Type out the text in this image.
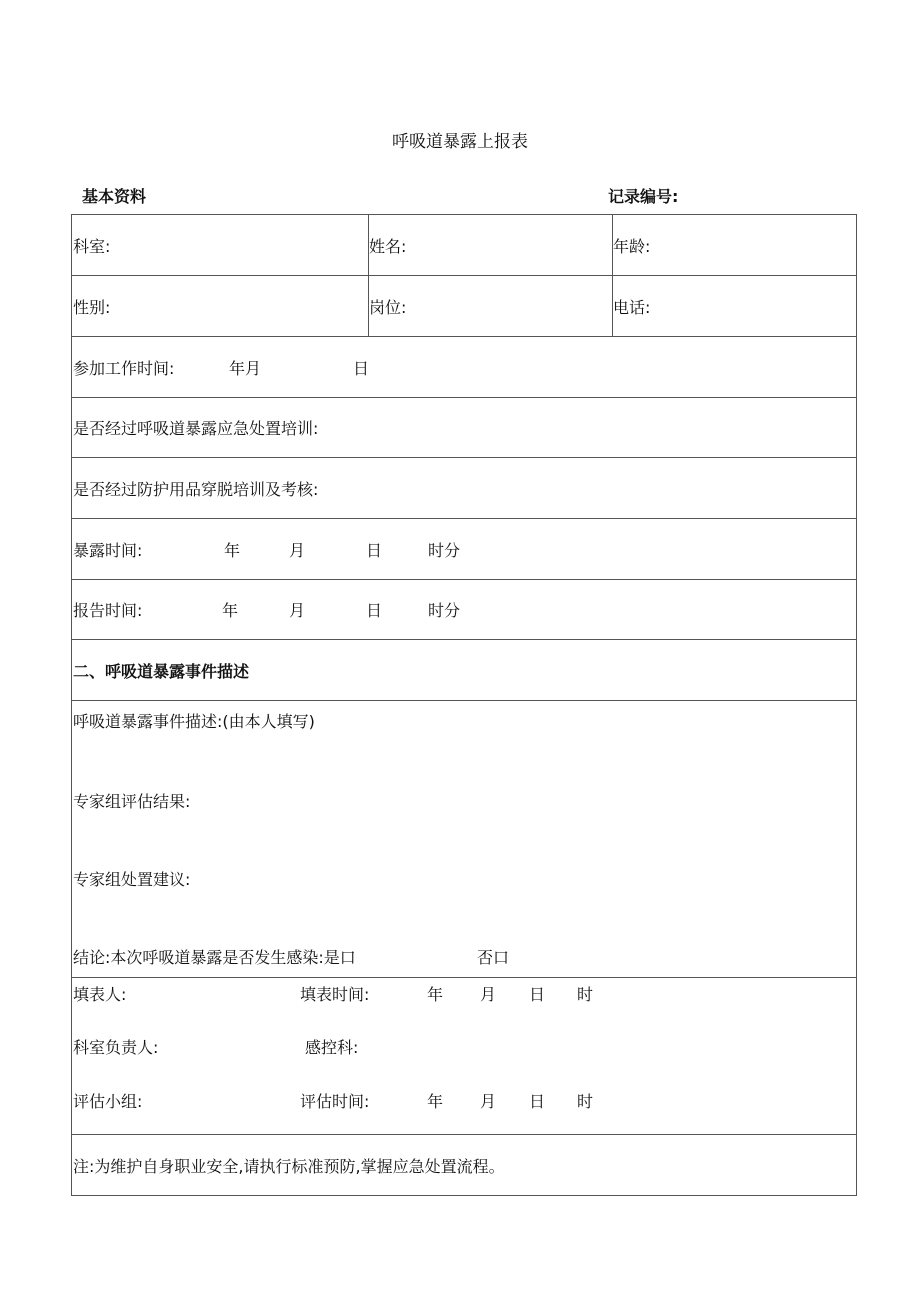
呼吸道暴露上报表
基本资料	记录编号:
科室:	姓名:	年龄:
性别:	岗位:	电话:
参加工作时间:	年月	日
是否经过呼吸道暴露应急处置培训:
是否经过防护用品穿脱培训及考核:
暴露时间:	年	月	日	时分
报告时间:	年	月	日	时分
二、呼吸道暴露事件描述
呼吸道暴露事件描述:(由本人填写)
专家组评估结果:
专家组处置建议:
结论:本次呼吸道暴露是否发生感染:是口	否口
填表人:	填表时间:	年 月 日 时
科室负责人:	感控科:
评估小组:	评估时间:	年 月 日 时
注:为维护自身职业安全,请执行标准预防,掌握应急处置流程。
